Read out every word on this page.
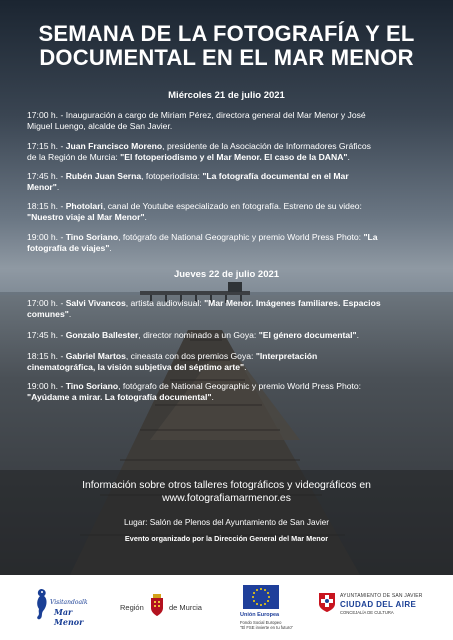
SEMANA DE LA FOTOGRAFÍA Y EL
DOCUMENTAL EN EL MAR MENOR
Miércoles 21 de julio 2021
17:00 h. - Inauguración a cargo de Miriam Pérez, directora general del Mar Menor y José
Miguel Luengo, alcalde de San Javier.
17:15 h. - Juan Francisco Moreno, presidente de la Asociación de Informadores Gráficos
de la Región de Murcia: "El fotoperiodismo y el Mar Menor. El caso de la DANA".
17:45 h. - Rubén Juan Serna, fotoperiodista: "La fotografía documental en el Mar
Menor".
18:15 h. - Photolari, canal de Youtube especializado en fotografía. Estreno de su video:
"Nuestro viaje al Mar Menor".
19:00 h. - Tino Soriano, fotógrafo de National Geographic y premio World Press Photo: "La
fotografía de viajes".
Jueves 22 de julio 2021
17:00 h. - Salvi Vivancos, artista audiovisual: "Mar Menor. Imágenes familiares. Espacios
comunes".
17:45 h. - Gonzalo Ballester, director nominado a un Goya: "El género documental".
18:15 h. - Gabriel Martos, cineasta con dos premios Goya: "Interpretación
cinematográfica, la visión subjetiva del séptimo arte".
19:00 h. - Tino Soriano, fotógrafo de National Geographic y premio World Press Photo:
"Ayúdame a mirar. La fotografía documental".
Información sobre otros talleres fotográficos y videográficos en
www.fotografiamarmenor.es
Lugar: Salón de Plenos del Ayuntamiento de San Javier
Evento organizado por la Dirección General del Mar Menor
Visitandoalk
Mar Menor
Región	de Murcia
Unión Europea
Fondo Social Europeo
"El FSE invierte en tu futuro"
AYUNTAMIENTO DE SAN JAVIER
CIUDAD DEL AIRE
CONCEJALÍA DE CULTURA
